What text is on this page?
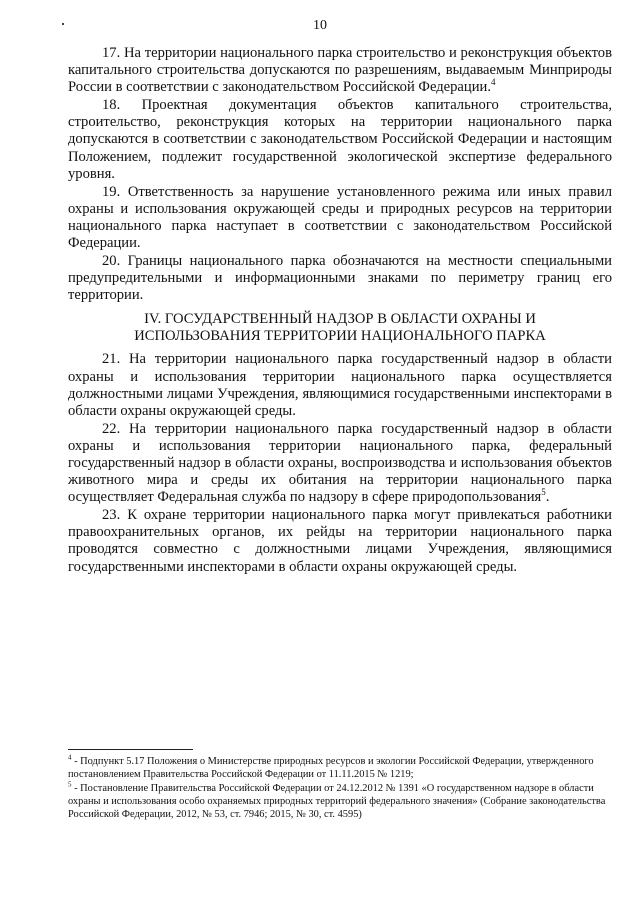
10

17. На территории национального парка строительство и реконструкция объектов капитального строительства допускаются по разрешениям, выдаваемым Минприроды России в соответствии с законодательством Российской Федерации.$^4$

18. Проектная документация объектов капитального строительства, строительство, реконструкция которых на территории национального парка допускаются в соответствии с законодательством Российской Федерации и настоящим Положением, подлежит государственной экологической экспертизе федерального уровня.

19. Ответственность за нарушение установленного режима или иных правил охраны и использования окружающей среды и природных ресурсов на территории национального парка наступает в соответствии с законодательством Российской Федерации.

20. Границы национального парка обозначаются на местности специальными предупредительными и информационными знаками по периметру границ его территории.

IV. ГОСУДАРСТВЕННЫЙ НАДЗОР В ОБЛАСТИ ОХРАНЫ И
ИСПОЛЬЗОВАНИЯ ТЕРРИТОРИИ НАЦИОНАЛЬНОГО ПАРКА

21. На территории национального парка государственный надзор в области охраны и использования территории национального парка осуществляется должностными лицами Учреждения, являющимися государственными инспекторами в области охраны окружающей среды.

22. На территории национального парка государственный надзор в области охраны и использования территории национального парка, федеральный государственный надзор в области охраны, воспроизводства и использования объектов животного мира и среды их обитания на территории национального парка осуществляет Федеральная служба по надзору в сфере природопользования$^5$.

23. К охране территории национального парка могут привлекаться работники правоохранительных органов, их рейды на территории национального парка проводятся совместно с должностными лицами Учреждения, являющимися государственными инспекторами в области охраны окружающей среды.

$^4$ - Подпункт 5.17 Положения о Министерстве природных ресурсов и экологии Российской Федерации, утвержденного постановлением Правительства Российской Федерации от 11.11.2015 № 1219;

$^5$ - Постановление Правительства Российской Федерации от 24.12.2012 № 1391 «О государственном надзоре в области охраны и использования особо охраняемых природных территорий федерального значения» (Собрание законодательства Российской Федерации, 2012, № 53, ст. 7946; 2015, № 30, ст. 4595)
